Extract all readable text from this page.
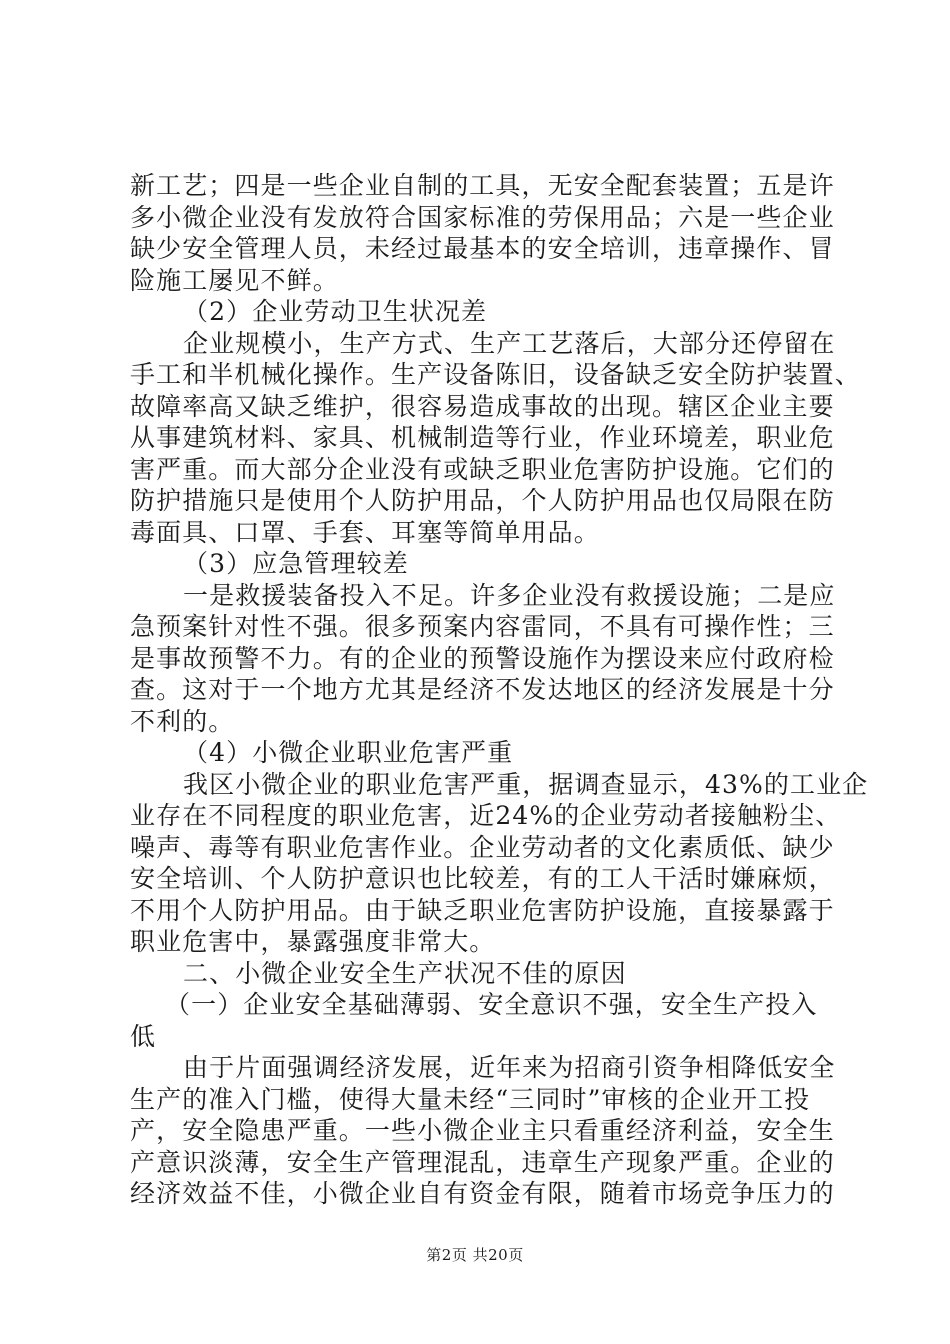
新工艺；四是一些企业自制的工具，无安全配套装置；五是许
多小微企业没有发放符合国家标准的劳保用品；六是一些企业
缺少安全管理人员，未经过最基本的安全培训，违章操作、冒
险施工屡见不鲜。
（2）企业劳动卫生状况差
企业规模小，生产方式、生产工艺落后，大部分还停留在
手工和半机械化操作。生产设备陈旧，设备缺乏安全防护装置、
故障率高又缺乏维护，很容易造成事故的出现。辖区企业主要
从事建筑材料、家具、机械制造等行业，作业环境差，职业危
害严重。而大部分企业没有或缺乏职业危害防护设施。它们的
防护措施只是使用个人防护用品，个人防护用品也仅局限在防
毒面具、口罩、手套、耳塞等简单用品。
（3）应急管理较差
一是救援装备投入不足。许多企业没有救援设施；二是应
急预案针对性不强。很多预案内容雷同，不具有可操作性；三
是事故预警不力。有的企业的预警设施作为摆设来应付政府检
查。这对于一个地方尤其是经济不发达地区的经济发展是十分
不利的。
（4）小微企业职业危害严重
我区小微企业的职业危害严重，据调查显示，43%的工业企
业存在不同程度的职业危害，近24%的企业劳动者接触粉尘、
噪声、毒等有职业危害作业。企业劳动者的文化素质低、缺少
安全培训、个人防护意识也比较差，有的工人干活时嫌麻烦，
不用个人防护用品。由于缺乏职业危害防护设施，直接暴露于
职业危害中，暴露强度非常大。
二、小微企业安全生产状况不佳的原因
（一）企业安全基础薄弱、安全意识不强，安全生产投入
低
由于片面强调经济发展，近年来为招商引资争相降低安全
生产的准入门槛，使得大量未经“三同时”审核的企业开工投
产，安全隐患严重。一些小微企业主只看重经济利益，安全生
产意识淡薄，安全生产管理混乱，违章生产现象严重。企业的
经济效益不佳，小微企业自有资金有限，随着市场竞争压力的
第2页 共20页
